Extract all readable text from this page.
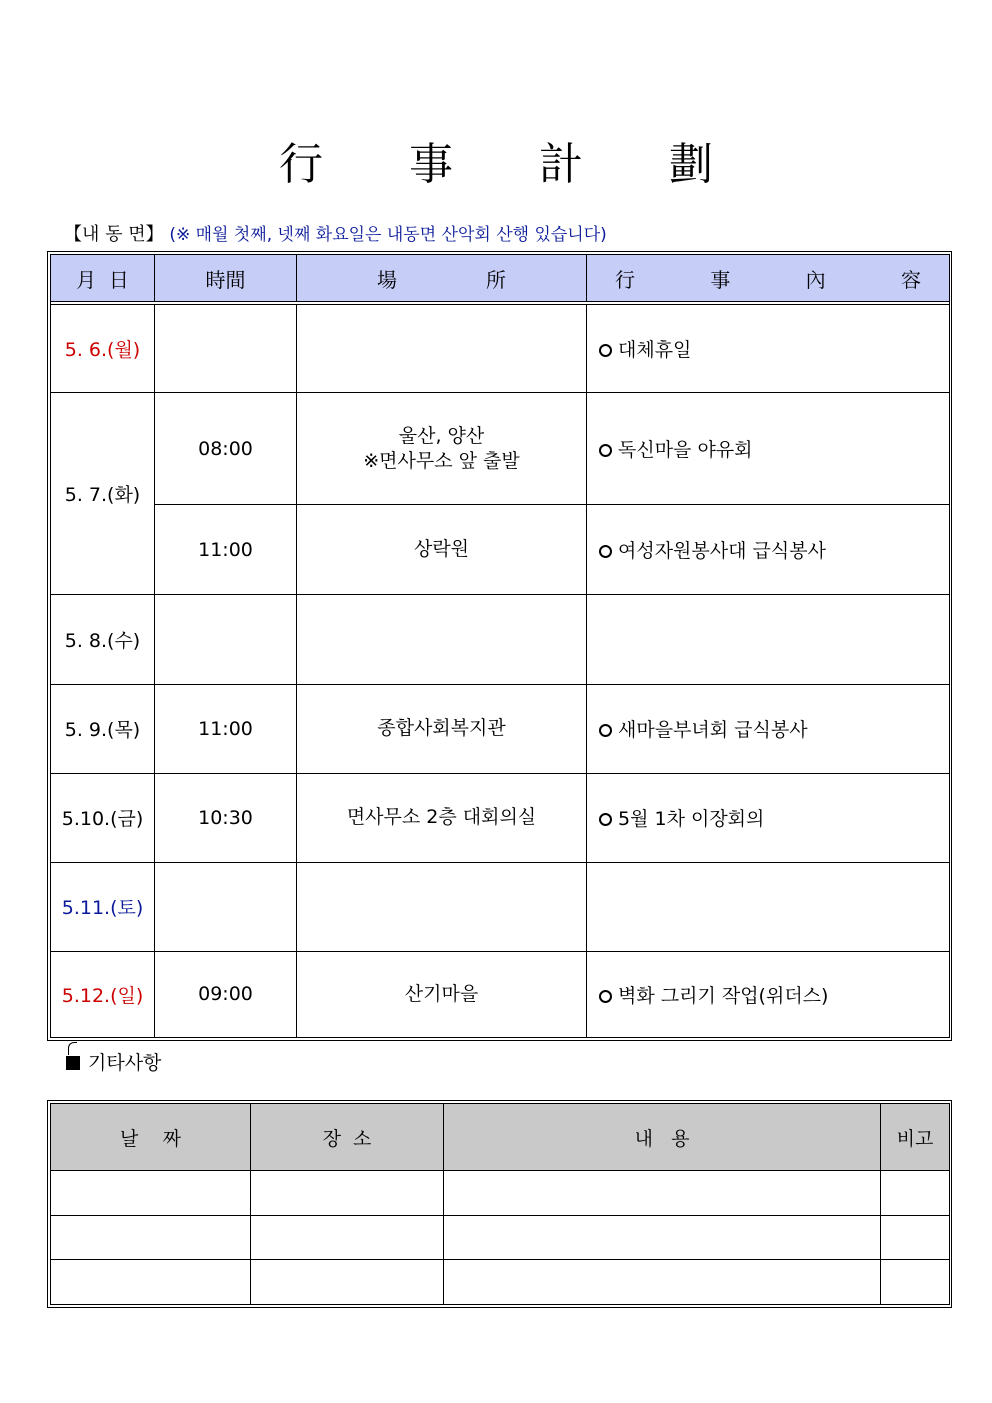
行 事 計 劃
【내 동 면】 (※ 매월 첫째, 넷째 화요일은 내동면 산악회 산행 있습니다)
月 日	時間	場 所	行 事 內 容

5. 6.(월)			대체휴일
5. 7.(화)	08:00	울산, 양산
※면사무소 앞 출발	독신마을 야유회
	11:00	상락원	여성자원봉사대 급식봉사
5. 8.(수)			
5. 9.(목)	11:00	종합사회복지관	새마을부녀회 급식봉사
5.10.(금)	10:30	면사무소 2층 대회의실	5월 1차 이장회의
5.11.(토)			
5.12.(일)	09:00	산기마을	벽화 그리기 작업(위더스)
기타사항
날 짜	장 소	내 용	비고
